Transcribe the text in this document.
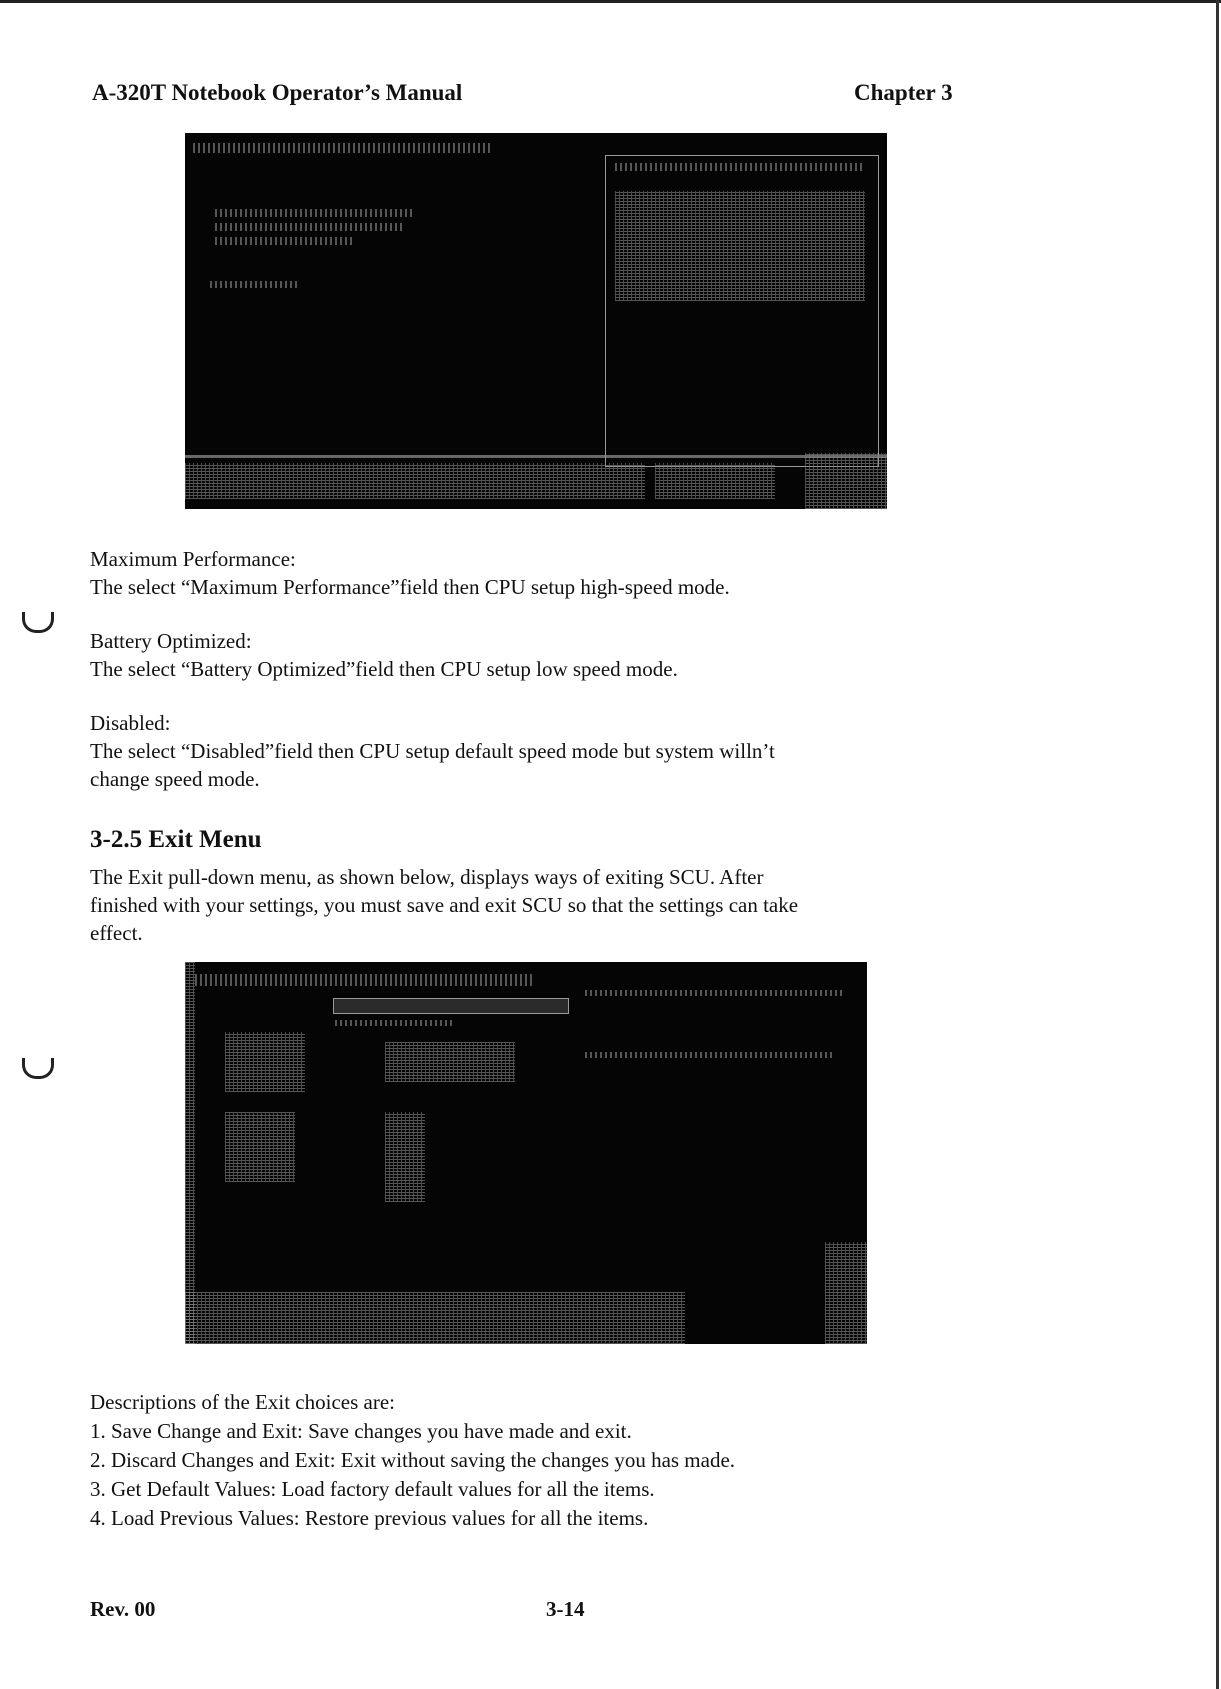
A-320T Notebook Operator’s Manual	Chapter 3

Maximum Performance:

The select “Maximum Performance”field then CPU setup high-speed mode.

Battery Optimized:

The select “Battery Optimized”field then CPU setup low speed mode.

Disabled:

The select “Disabled”field then CPU setup default speed mode but system willn’t

change speed mode.

3-2.5 Exit Menu

The Exit pull-down menu, as shown below, displays ways of exiting SCU. After

finished with your settings, you must save and exit SCU so that the settings can take

effect.

Descriptions of the Exit choices are:

1. Save Change and Exit: Save changes you have made and exit.

2. Discard Changes and Exit: Exit without saving the changes you has made.

3. Get Default Values: Load factory default values for all the items.

4. Load Previous Values: Restore previous values for all the items.

Rev. 00	3-14
